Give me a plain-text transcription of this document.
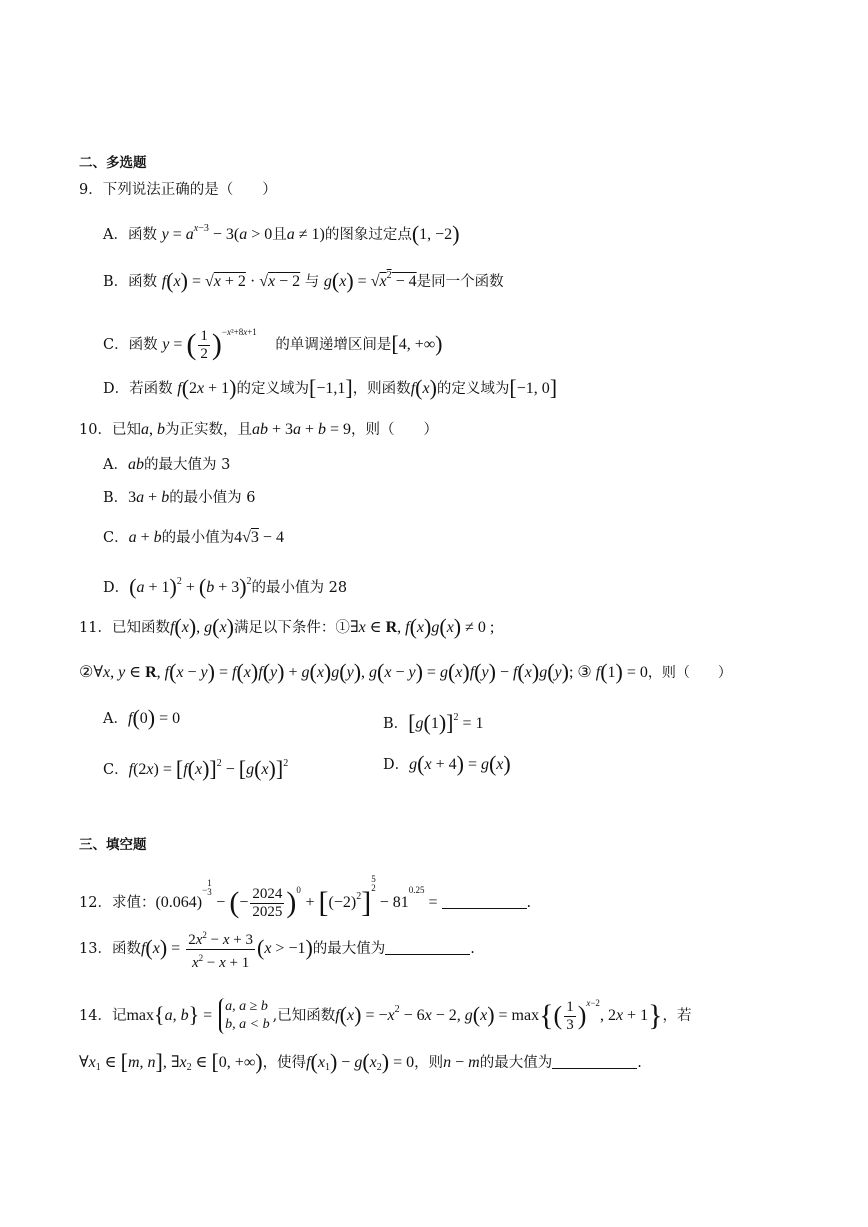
二、多选题
9．下列说法正确的是（　　）
A．函数 $y = a^{x-3} - 3(a > 0$且a ≠ 1)的图象过定点(1, −2)
B．函数 f(x) = √x + 2 · √x − 2 与 $g(x) = √x^2 - 4$是同一个函数
C．函数 y = ( $\frac{1}{2} )^{-x^2+8x+1}$ 的单调递增区间是[4, +∞)
D．若函数 f(2x + 1)的定义域为[−1,1]，则函数f(x)的定义域为[−1, 0]
10．已知a, b为正实数，且ab + 3a + b = 9，则（　　）
A．ab的最大值为 3
B．3a + b的最小值为 6
C．a + b的最小值为4√3 − 4
D．$(a + 1)^2 + (b + 3)^2$的最小值为 28
11．已知函数f(x), g(x)满足以下条件：①∃x ∈ R, f(x)g(x) ≠ 0 ;
②∀x, y ∈ R, f(x − y) = f(x)f(y) + g(x)g(y), g(x − y) = g(x)f(y) − f(x)g(y); ③ f(1) = 0，则（　　）
A．f(0) = 0	B．$[g(1)]^2 = 1$
C．$f(2x) = [f(x)]^2 - [g(x)]^2$	D．g(x + 4) = g(x)
三、填空题
12．求值：$(0.064)^{-1 3}$ − (− $\frac{2024}{2025} )^0 + [(-2)^2]^{5 2} - 81^{0.25}$ =	.
13．函数$f(x) = \frac{2x^2 - x + 3}{x^2 - x + 1} (x > -1)$的最大值为	.
14．记max{a, b} =
a, a ≥ b
b, a < b
,已知函数$f(x) = -x^2 - 6x - 2$, $g(x) = \max\{( \frac{1}{3} )^{x-2}$, 2x + 1}，若
$\forall x_1$ ∈ [m, n], $\exists x_2$ ∈ [0, +∞)，使得$f(x_1) - g(x_2) = 0$，则n − m的最大值为	.
